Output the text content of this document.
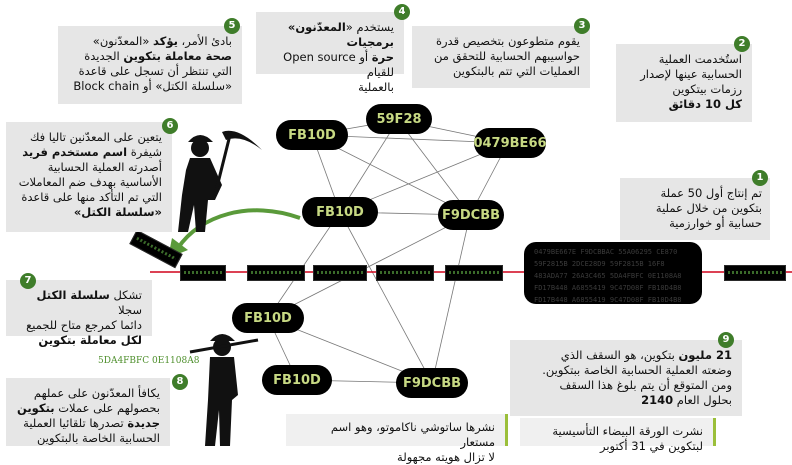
0479BE667E F9DCBBAC 55A06295 CE870
59F2815B 2DCE28D9 59F2815B 16F8
483ADA77 26A3C465 5DA4FBFC 0E1108A8
FD17B448 A6855419 9C47D08F FB10D4B8
FD17B448 A6855419 9C47D08F FB10D4B8
FB10D
59F28
0479BE66
FB10D	F9DCBB
FB10D
FB10D	F9DCBB
5DA4FBFC 0E1108A8
تم إنتاج أول 50 عملة
بتكوين من خلال عملية
حسابية أو خوارزمية
1
استُخدمت العملية
الحسابية عينها لإصدار
رزمات بيتكوين
كل 10 دقائق
2
يقوم متطوعون بتخصيص قدرة
حواسيبهم الحسابية للتحقق من
العمليات التي تتم بالبتكوين
3
يستخدم «المعدّنون» برمجيات
حرة أو Open source للقيام
بالعملية
4
بادئ الأمر، يؤكد «المعدّنون»
صحة معاملة بتكوين الجديدة
التي تنتظر أن تسجل على قاعدة
«سلسلة الكتل» أو Block chain
5
يتعين على المعدّنين تاليا فك
شيفرة اسم مستخدم فريد
أصدرته العملية الحسابية
الأساسية بهدف ضم المعاملات
التي تم التأكد منها على قاعدة
«سلسلة الكتل»
6
تشكل سلسلة الكتل سجلا
دائما كمرجع متاح للجميع
لكل معاملة بتكوين
7
يكافأ المعدّنون على عملهم
بحصولهم على عملات بتكوين
جديدة تصدرها تلقائيا العملية
الحسابية الخاصة بالبتكوين
8
21 مليون بتكوين، هو السقف الذي
وضعته العملية الحسابية الخاصة ببتكوين.
ومن المتوقع أن يتم بلوغ هذا السقف
بحلول العام 2140
9
نشرها ساتوشي ناكاموتو، وهو اسم مستعار
لا تزال هويته مجهولة
نشرت الورقة البيضاء التأسيسية
لبتكوين في 31 أكتوبر
